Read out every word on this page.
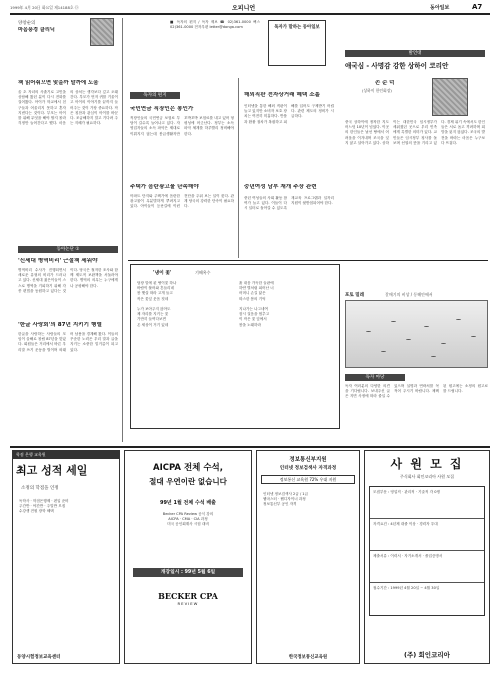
1999年 4月 20日 화요일 제14188호 ㉤	오피니언	동아일보	A7
양창순의
마음풍경 클리닉
책 읽어줘으면 맞을까 말까에 도움
올 초 자녀의 사춘기로 고민을 상담해 왔던 분이 다시 전화를 걸어왔다. 아이가 학교에서 친구들과 어울리지 못하고 혼자 지낸다는 것이다. 부모는 아이를 위해 무엇을 해야 할지 몰라 걱정만 늘어간다고 했다. 마음의 상처는 생각보다 깊고 오래간다. 부모가 먼저 귀를 기울이고 아이의 이야기를 끝까지 들어주는 것이 가장 중요하다. 작은 칭찬과 관심이 아이를 바꾼다. 조급해하지 말고 기다려 주는 지혜가 필요하다.
동아논단 ①
'신세대 병역비리' 근절책 세워야
병역비리 수사가 진행되면서 새로운 유형의 비리가 드러나고 있다. 신세대 젊은이들이 스스로 병역을 기피하기 위해 각종 편법을 동원하고 있다는 것이다. 당국은 철저한 조사와 함께 제도적 보완책을 서둘러야 한다. 병역의 의무는 누구에게나 공평해야 한다.
'한글 사랑회'의 87년 지키기 행렬
한글을 사랑하는 사람들의 모임이 올해로 창립 87년을 맞았다. 회원들은 거리에서 바른 우리말 쓰기 운동을 벌이며 외래어 남용을 경계해 왔다. 이들의 꾸준한 노력은 우리 말과 글을 지키는 소중한 밑거름이 되고 있다.
■ 독자의 편지 / 독자 제보 ☎ 02)361-0000 팩스 02)361-0000 전자우편 letter@donga.com	독자가 말하는 동아일보
독자의 편지
국민연금 직장인은 봉인가
직장인들의 국민연금 보험료 부담이 갈수록 늘어나고 있다. 자영업자들의 소득 파악은 제대로 이뤄지지 않는데 봉급생활자만 꼬박꼬박 보험료를 내고 있어 형평성에 어긋난다. 정부는 소득 파악 체계를 하루빨리 정비해야 한다.
주택가 음란광고물 단속해야
아파트 단지와 주택가에 음란한 광고물이 무분별하게 뿌려지고 있다. 아이들이 등굣길에 이런 전단을 주워 보는 일이 잦다. 관계 당국의 강력한 단속이 필요하다.
해외직판 전자상거래 혜택 소홀
인터넷을 통한 해외 직판이 늘고 있지만 소비자 보호 장치는 여전히 미흡하다. 반품과 환불 절차가 복잡하고 피해를 입어도 구제받기 어렵다. 관련 제도의 정비가 시급하다.
중년여성 남부 재개 주장 관련
중년 여성들의 사회 활동 참여가 늘고 있다. 이들이 다시 일터로 돌아갈 수 있도록 재교육 프로그램과 일자리 지원이 뒷받침되어야 한다.
발언대
애국심 - 사명감 강한 상하이 코리안
손 순 덕
(상하이 한인회장)
중국 상하이에 정착한 지도 어느덧 10년이 넘었다. 이곳의 한인들은 낯선 땅에서 어려움을 이겨내며 조국을 잊지 않고 살아가고 있다. 상하이는 대한민국 임시정부가 세워졌던 곳으로 우리 민족에게 특별한 의미가 있다. 교민들은 임시정부 청사를 돌보며 선열의 뜻을 기리고 있다. 경제 위기 속에서도 한인들은 서로 돕고 격려하며 희망을 잃지 않았다. 조국의 발전을 바라는 마음은 누구보다 뜨겁다.
'냉이 꽃'	기해옥수
담장 밑에 핀 냉이꽃 하나
바람이 불어와 흔들리네
봄 햇살 따라 고개 들고
작은 꽃잎 웃음 짓네

누가 보아주지 않아도
제 자리를 지키는 꽃
가만히 들여다보면
온 세상이 거기 있네
흙 내음 가득한 들판에
하얀 별처럼 피어난 너
어머니 손길 닮은
따스한 봄의 기억

지나가는 나그네여
잠시 걸음을 멈추고
이 작은 꽃 앞에서
봄을 노래하라
포토 밀레	갈매기의 비상 / 동해안에서
독자 마당
독자 여러분의 다양한 의견을 기다립니다. 보내주신 글은 지면 사정에 따라 줄일 수 있으며 실명과 연락처를 꼭 적어 주시기 바랍니다. 채택된 원고에는 소정의 원고료를 드립니다.
학점 은행 교육원
최고 성적 세일
소정의 학점을 인정
독학사 · 학점은행제 · 편입 준비
주간반 · 야간반 · 주말반 모집
수강생 전원 장학 혜택
동양시험정보교육센터
AICPA 전체 수석,
절대 우연이란 없습니다
99년 1월 전체 수석 배출
Becker CPA Review 공식 강의
AICPA · CMA · CIA 과정
미국 공인회계사 시험 대비
개강일시 : 99년 5월 6일
BECKER CPA
REVIEW
정보통신부지원
인터넷 정보검색사 자격과정
정보통신 교육원 72% 우대 지원
인터넷 정보검색사 2급 / 1급
웹마스터 · 웹디자이너 과정
정보통신부 공인 자격
한국정보통신교육원
사 원 모 집
주식회사 회인코리아 사원 모집
모집부문 : 영업직 · 관리직 · 기술직 각 0명
자격요건 : 4년제 대졸 이상 · 경력자 우대
제출서류 : 이력서 · 자기소개서 · 졸업증명서
접수기간 : 1999년 4월 20일 ~ 4월 30일
(주) 회인코리아
